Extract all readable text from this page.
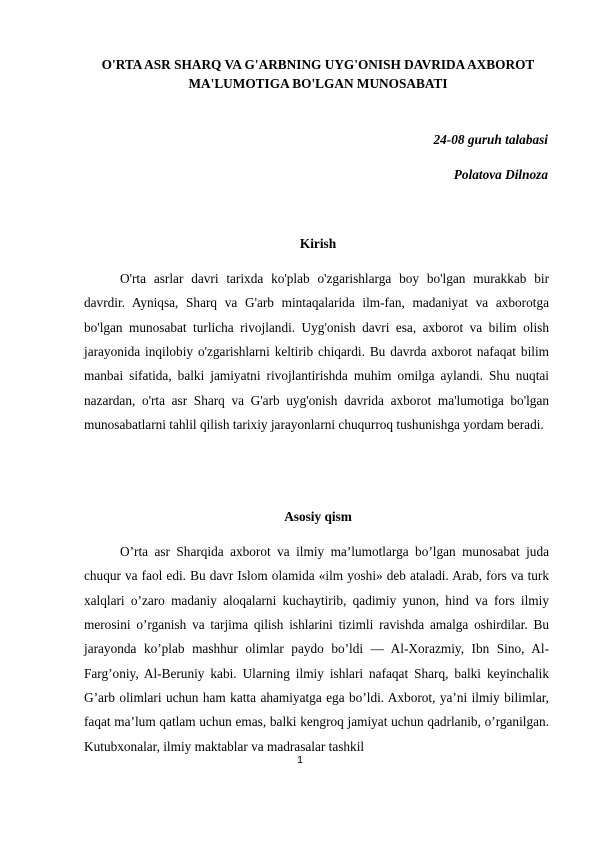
O'RTA ASR SHARQ VA G'ARBNING UYG'ONISH DAVRIDA AXBOROT
MA'LUMOTIGA BO'LGAN MUNOSABATI
24-08 guruh talabasi
Polatova Dilnoza
Kirish

O'rta asrlar davri tarixda ko'plab o'zgarishlarga boy bo'lgan murakkab bir davrdir. Ayniqsa, Sharq va G'arb mintaqalarida ilm-fan, madaniyat va axborotga bo'lgan munosabat turlicha rivojlandi. Uyg'onish davri esa, axborot va bilim olish jarayonida inqilobiy o'zgarishlarni keltirib chiqardi. Bu davrda axborot nafaqat bilim manbai sifatida, balki jamiyatni rivojlantirishda muhim omilga aylandi. Shu nuqtai nazardan, o'rta asr Sharq va G'arb uyg'onish davrida axborot ma'lumotiga bo'lgan munosabatlarni tahlil qilish tarixiy jarayonlarni chuqurroq tushunishga yordam beradi.

Asosiy qism

O’rta asr Sharqida axborot va ilmiy ma’lumotlarga bo’lgan munosabat juda chuqur va faol edi. Bu davr Islom olamida «ilm yoshi» deb ataladi. Arab, fors va turk xalqlari o’zaro madaniy aloqalarni kuchaytirib, qadimiy yunon, hind va fors ilmiy merosini o’rganish va tarjima qilish ishlarini tizimli ravishda amalga oshirdilar. Bu jarayonda ko’plab mashhur olimlar paydo bo’ldi — Al-Xorazmiy, Ibn Sino, Al-Farg’oniy, Al-Beruniy kabi. Ularning ilmiy ishlari nafaqat Sharq, balki keyinchalik G’arb olimlari uchun ham katta ahamiyatga ega bo’ldi. Axborot, ya’ni ilmiy bilimlar, faqat ma’lum qatlam uchun emas, balki kengroq jamiyat uchun qadrlanib, o’rganilgan. Kutubxonalar, ilmiy maktablar va madrasalar tashkil

1
